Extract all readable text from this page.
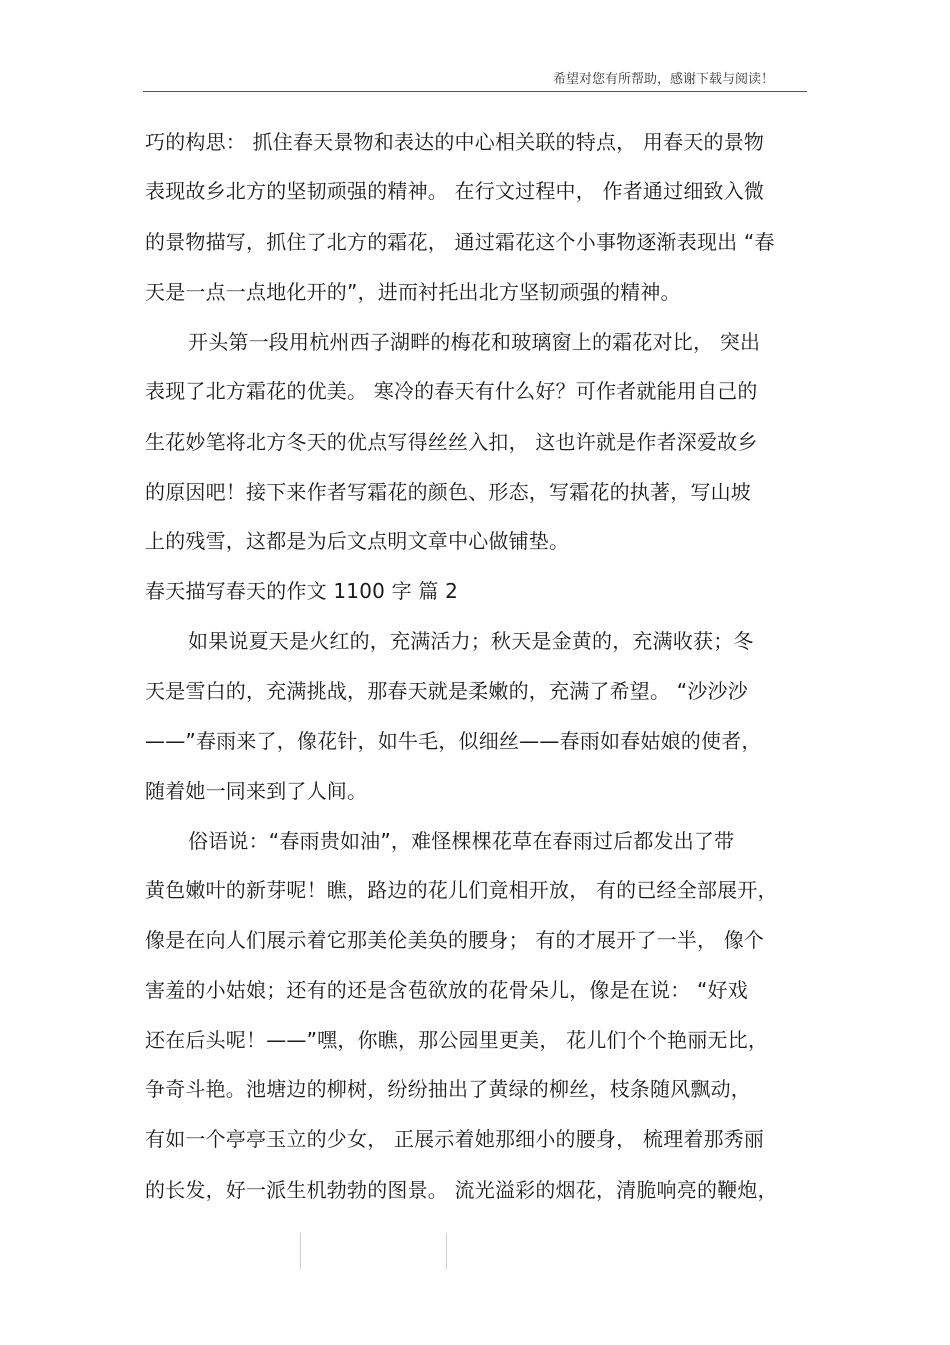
希望对您有所帮助，感谢下载与阅读！
巧的构思： 抓住春天景物和表达的中心相关联的特点， 用春天的景物
表现故乡北方的坚韧顽强的精神。 在行文过程中， 作者通过细致入微
的景物描写，抓住了北方的霜花， 通过霜花这个小事物逐渐表现出 “春
天是一点一点地化开的”，进而衬托出北方坚韧顽强的精神。
开头第一段用杭州西子湖畔的梅花和玻璃窗上的霜花对比， 突出
表现了北方霜花的优美。 寒冷的春天有什么好？可作者就能用自己的
生花妙笔将北方冬天的优点写得丝丝入扣， 这也许就是作者深爱故乡
的原因吧！接下来作者写霜花的颜色、形态，写霜花的执著，写山坡
上的残雪，这都是为后文点明文章中心做铺垫。
春天描写春天的作文 1100 字 篇 2
如果说夏天是火红的，充满活力；秋天是金黄的，充满收获；冬
天是雪白的，充满挑战，那春天就是柔嫩的，充满了希望。 “沙沙沙
——”春雨来了，像花针，如牛毛，似细丝——春雨如春姑娘的使者，
随着她一同来到了人间。
俗语说：“春雨贵如油”，难怪棵棵花草在春雨过后都发出了带
黄色嫩叶的新芽呢！瞧，路边的花儿们竟相开放， 有的已经全部展开，
像是在向人们展示着它那美伦美奂的腰身； 有的才展开了一半， 像个
害羞的小姑娘；还有的还是含苞欲放的花骨朵儿，像是在说： “好戏
还在后头呢！——”嘿，你瞧，那公园里更美， 花儿们个个艳丽无比，
争奇斗艳。池塘边的柳树，纷纷抽出了黄绿的柳丝，枝条随风飘动，
有如一个亭亭玉立的少女， 正展示着她那细小的腰身， 梳理着那秀丽
的长发，好一派生机勃勃的图景。 流光溢彩的烟花，清脆响亮的鞭炮，
